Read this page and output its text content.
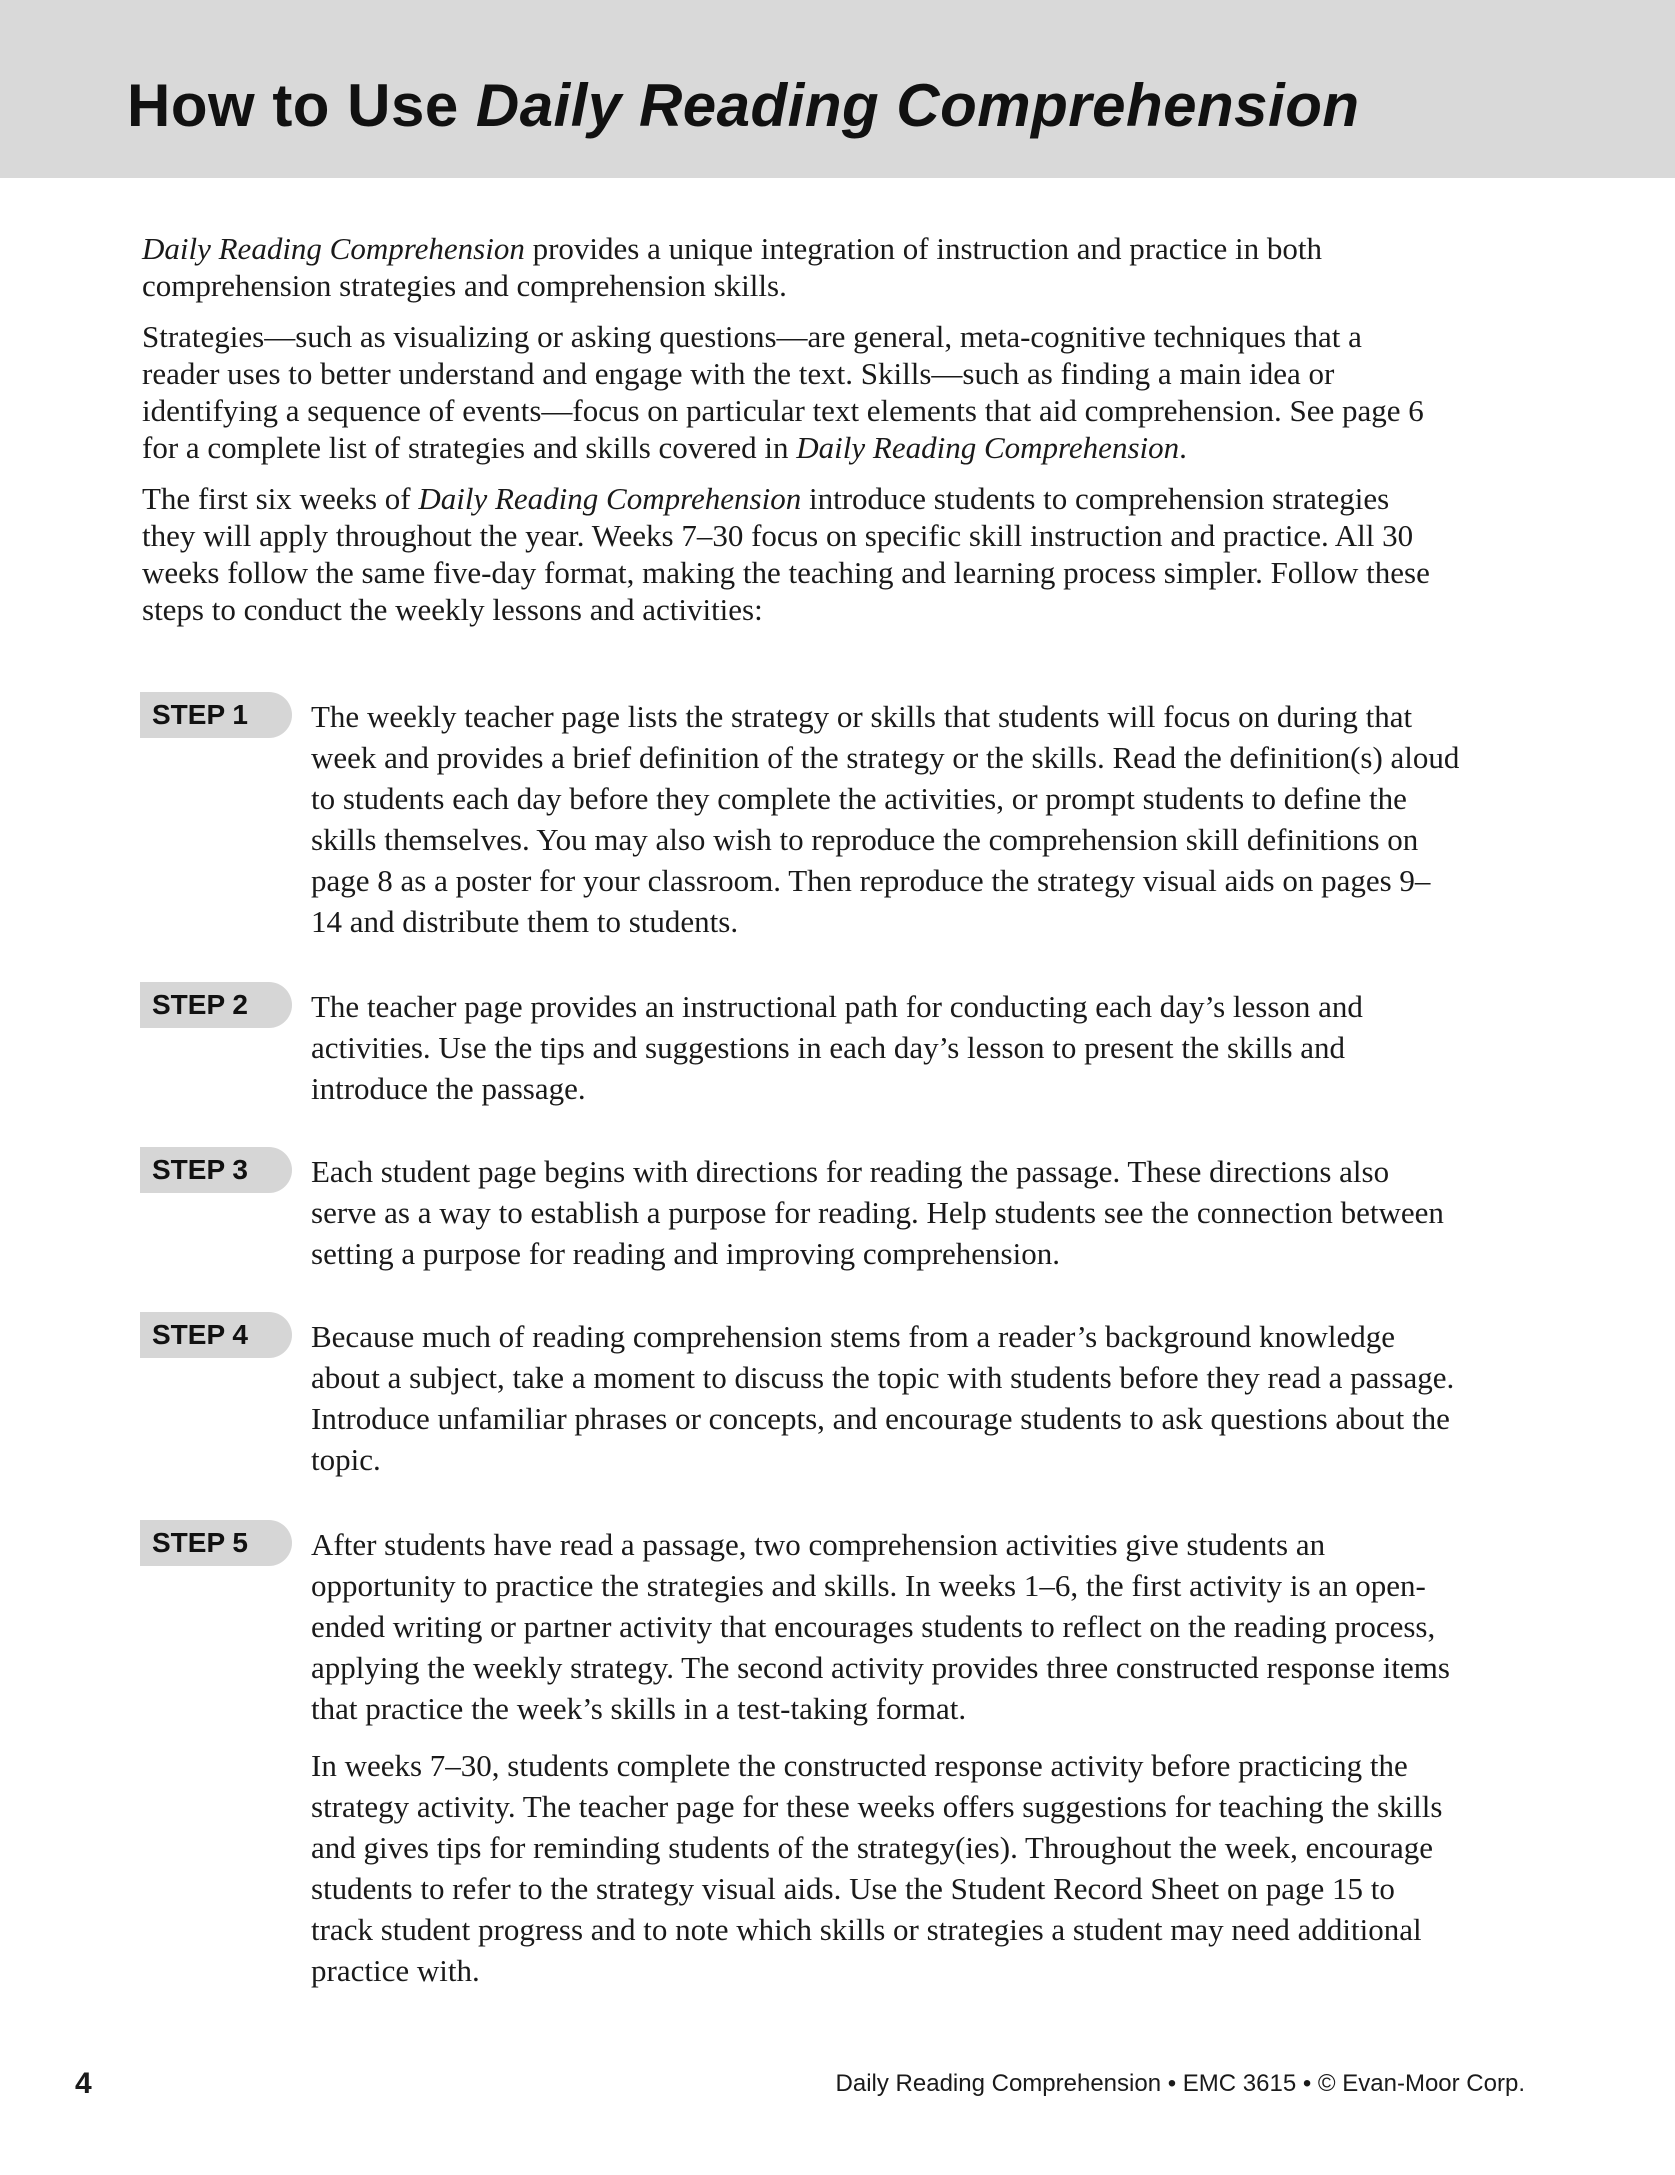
How to Use Daily Reading Comprehension

Daily Reading Comprehension provides a unique integration of instruction and practice in both comprehension strategies and comprehension skills.

Strategies—such as visualizing or asking questions—are general, meta-cognitive techniques that a reader uses to better understand and engage with the text. Skills—such as finding a main idea or identifying a sequence of events—focus on particular text elements that aid comprehension. See page 6 for a complete list of strategies and skills covered in Daily Reading Comprehension.

The first six weeks of Daily Reading Comprehension introduce students to comprehension strategies they will apply throughout the year. Weeks 7–30 focus on specific skill instruction and practice. All 30 weeks follow the same five-day format, making the teaching and learning process simpler. Follow these steps to conduct the weekly lessons and activities:

STEP 1	The weekly teacher page lists the strategy or skills that students will focus on during that week and provides a brief definition of the strategy or the skills. Read the definition(s) aloud to students each day before they complete the activities, or prompt students to define the skills themselves. You may also wish to reproduce the comprehension skill definitions on page 8 as a poster for your classroom. Then reproduce the strategy visual aids on pages 9–14 and distribute them to students.

STEP 2	The teacher page provides an instructional path for conducting each day’s lesson and activities. Use the tips and suggestions in each day’s lesson to present the skills and introduce the passage.

STEP 3	Each student page begins with directions for reading the passage. These directions also serve as a way to establish a purpose for reading. Help students see the connection between setting a purpose for reading and improving comprehension.

STEP 4	Because much of reading comprehension stems from a reader’s background knowledge about a subject, take a moment to discuss the topic with students before they read a passage. Introduce unfamiliar phrases or concepts, and encourage students to ask questions about the topic.

STEP 5	After students have read a passage, two comprehension activities give students an opportunity to practice the strategies and skills. In weeks 1–6, the first activity is an open-ended writing or partner activity that encourages students to reflect on the reading process, applying the weekly strategy. The second activity provides three constructed response items that practice the week’s skills in a test-taking format.

In weeks 7–30, students complete the constructed response activity before practicing the strategy activity. The teacher page for these weeks offers suggestions for teaching the skills and gives tips for reminding students of the strategy(ies). Throughout the week, encourage students to refer to the strategy visual aids. Use the Student Record Sheet on page 15 to track student progress and to note which skills or strategies a student may need additional practice with.

4	Daily Reading Comprehension • EMC 3615 • © Evan-Moor Corp.
